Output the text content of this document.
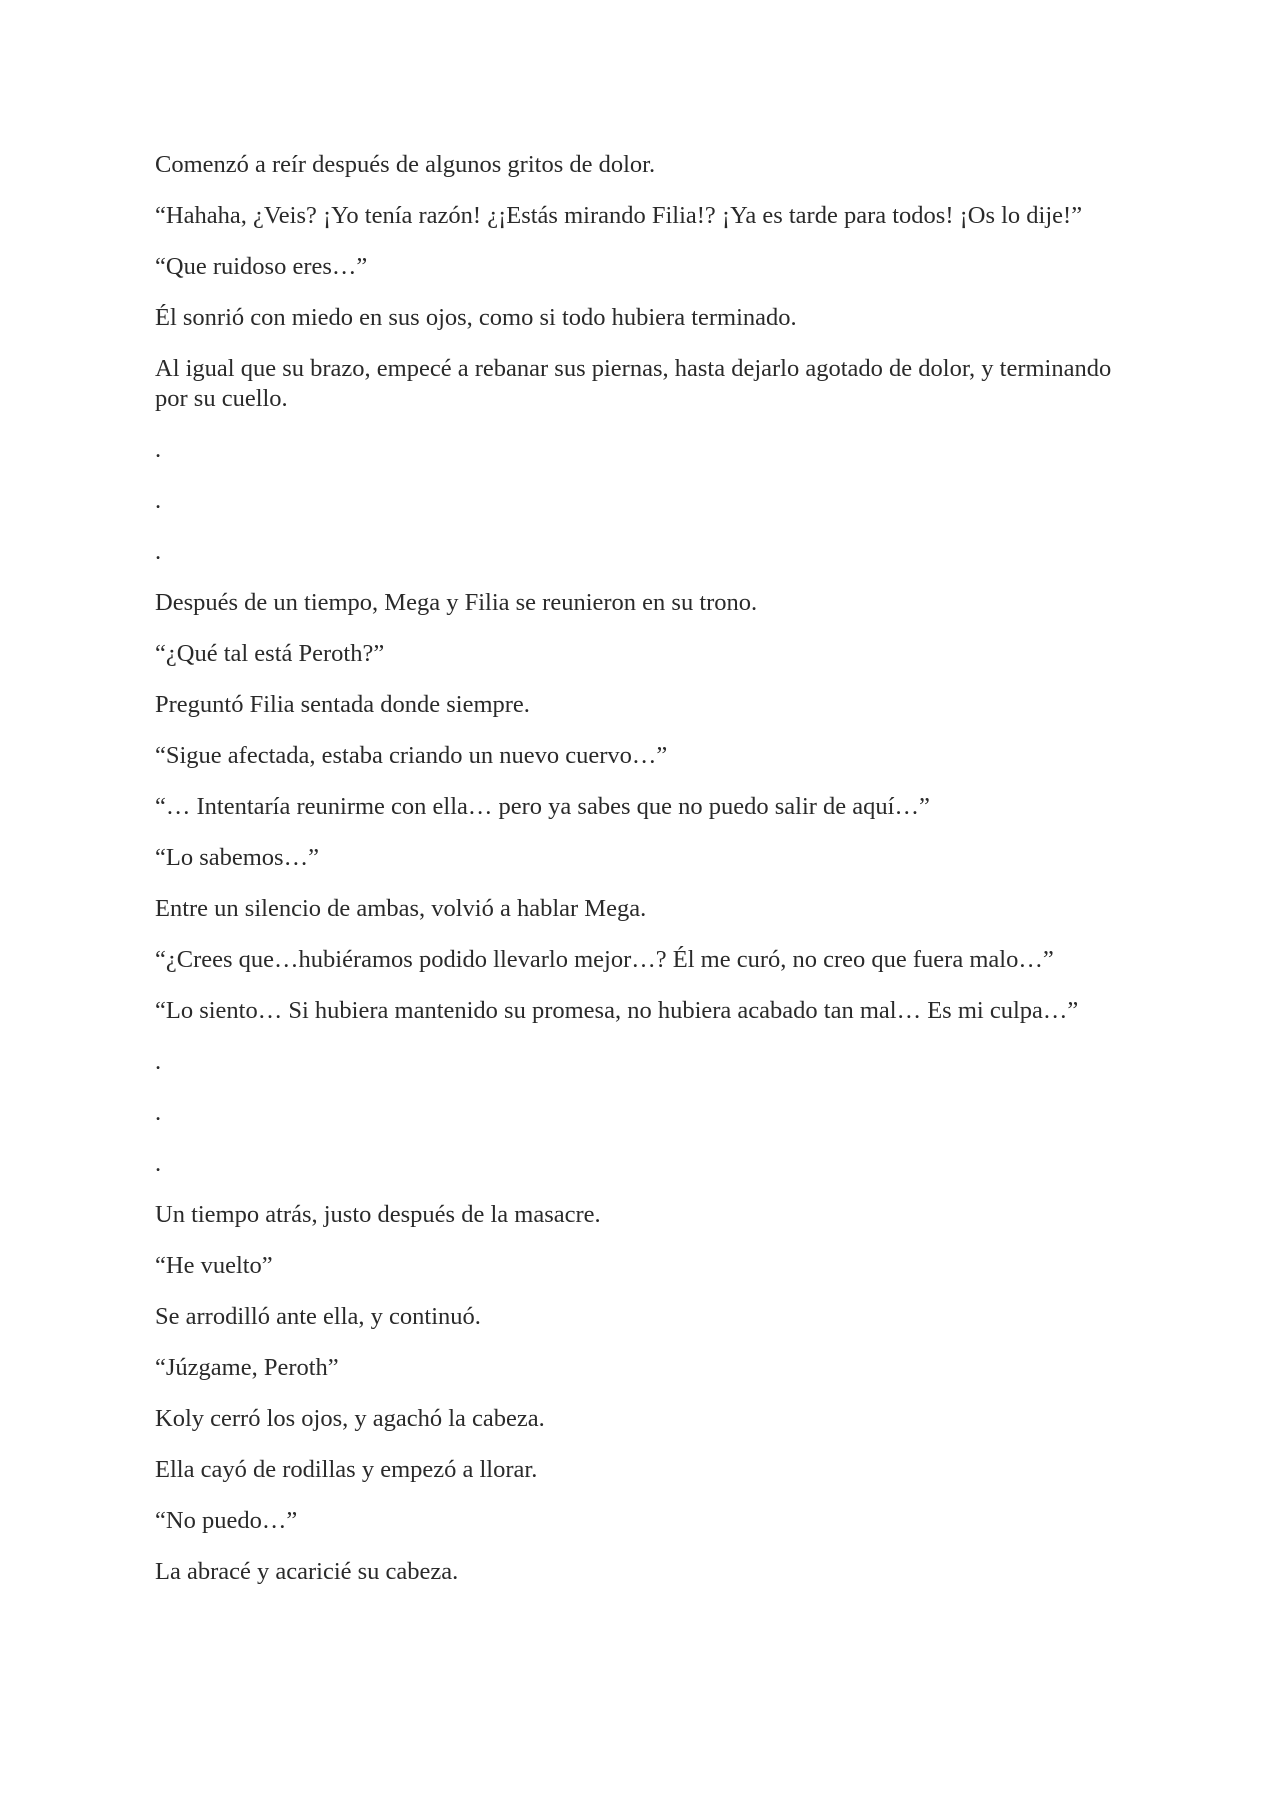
Comenzó a reír después de algunos gritos de dolor.

“Hahaha, ¿Veis? ¡Yo tenía razón! ¿¡Estás mirando Filia!? ¡Ya es tarde para todos! ¡Os lo dije!”

“Que ruidoso eres…”

Él sonrió con miedo en sus ojos, como si todo hubiera terminado.

Al igual que su brazo, empecé a rebanar sus piernas, hasta dejarlo agotado de dolor, y terminando por su cuello.

.

.

.

Después de un tiempo, Mega y Filia se reunieron en su trono.

“¿Qué tal está Peroth?”

Preguntó Filia sentada donde siempre.

“Sigue afectada, estaba criando un nuevo cuervo…”

“… Intentaría reunirme con ella… pero ya sabes que no puedo salir de aquí…”

“Lo sabemos…”

Entre un silencio de ambas, volvió a hablar Mega.

“¿Crees que…hubiéramos podido llevarlo mejor…? Él me curó, no creo que fuera malo…”

“Lo siento… Si hubiera mantenido su promesa, no hubiera acabado tan mal… Es mi culpa…”

.

.

.

Un tiempo atrás, justo después de la masacre.

“He vuelto”

Se arrodilló ante ella, y continuó.

“Júzgame, Peroth”

Koly cerró los ojos, y agachó la cabeza.

Ella cayó de rodillas y empezó a llorar.

“No puedo…”

La abracé y acaricié su cabeza.
